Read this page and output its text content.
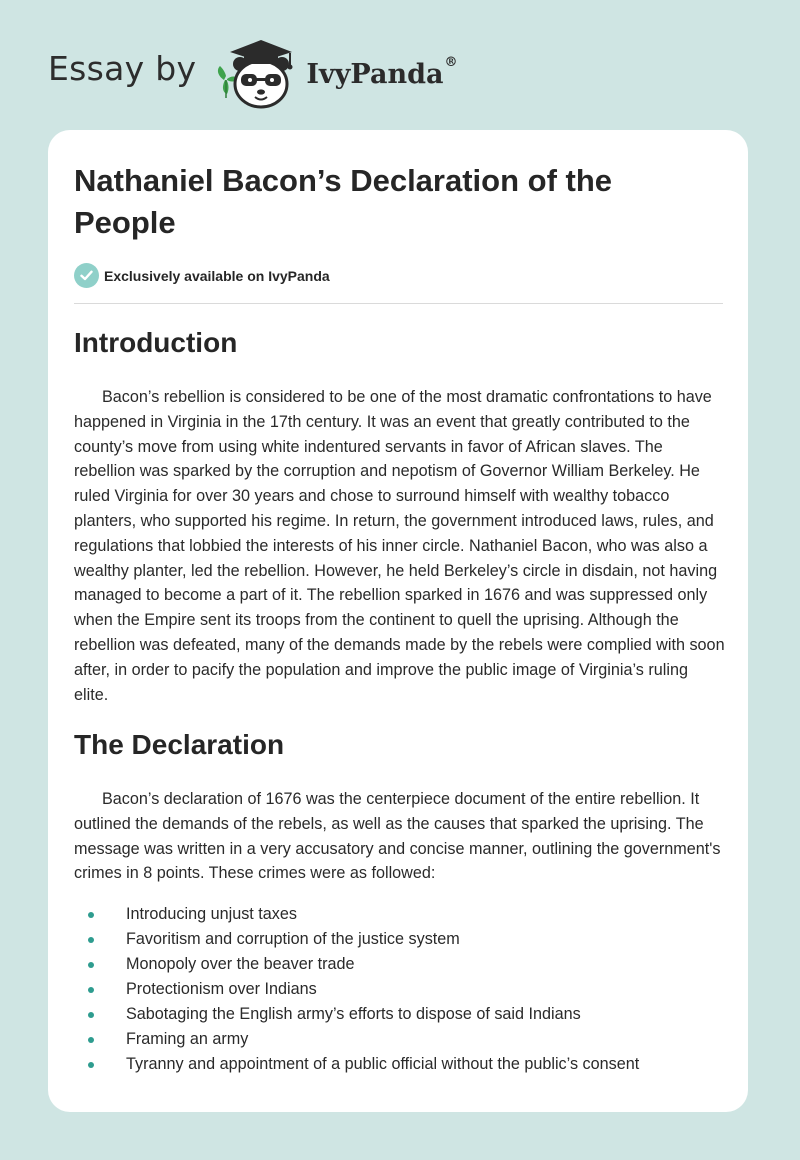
Essay by	IvyPanda®
Nathaniel Bacon’s Declaration of the People
Exclusively available on IvyPanda
Introduction

Bacon’s rebellion is considered to be one of the most dramatic confrontations to have happened in Virginia in the 17th century. It was an event that greatly contributed to the county’s move from using white indentured servants in favor of African slaves. The rebellion was sparked by the corruption and nepotism of Governor William Berkeley. He ruled Virginia for over 30 years and chose to surround himself with wealthy tobacco planters, who supported his regime. In return, the government introduced laws, rules, and regulations that lobbied the interests of his inner circle. Nathaniel Bacon, who was also a wealthy planter, led the rebellion. However, he held Berkeley’s circle in disdain, not having managed to become a part of it. The rebellion sparked in 1676 and was suppressed only when the Empire sent its troops from the continent to quell the uprising. Although the rebellion was defeated, many of the demands made by the rebels were complied with soon after, in order to pacify the population and improve the public image of Virginia’s ruling elite.

The Declaration

Bacon’s declaration of 1676 was the centerpiece document of the entire rebellion. It outlined the demands of the rebels, as well as the causes that sparked the uprising. The message was written in a very accusatory and concise manner, outlining the government's crimes in 8 points. These crimes were as followed:

Introducing unjust taxes
Favoritism and corruption of the justice system
Monopoly over the beaver trade
Protectionism over Indians
Sabotaging the English army’s efforts to dispose of said Indians
Framing an army
Tyranny and appointment of a public official without the public’s consent
